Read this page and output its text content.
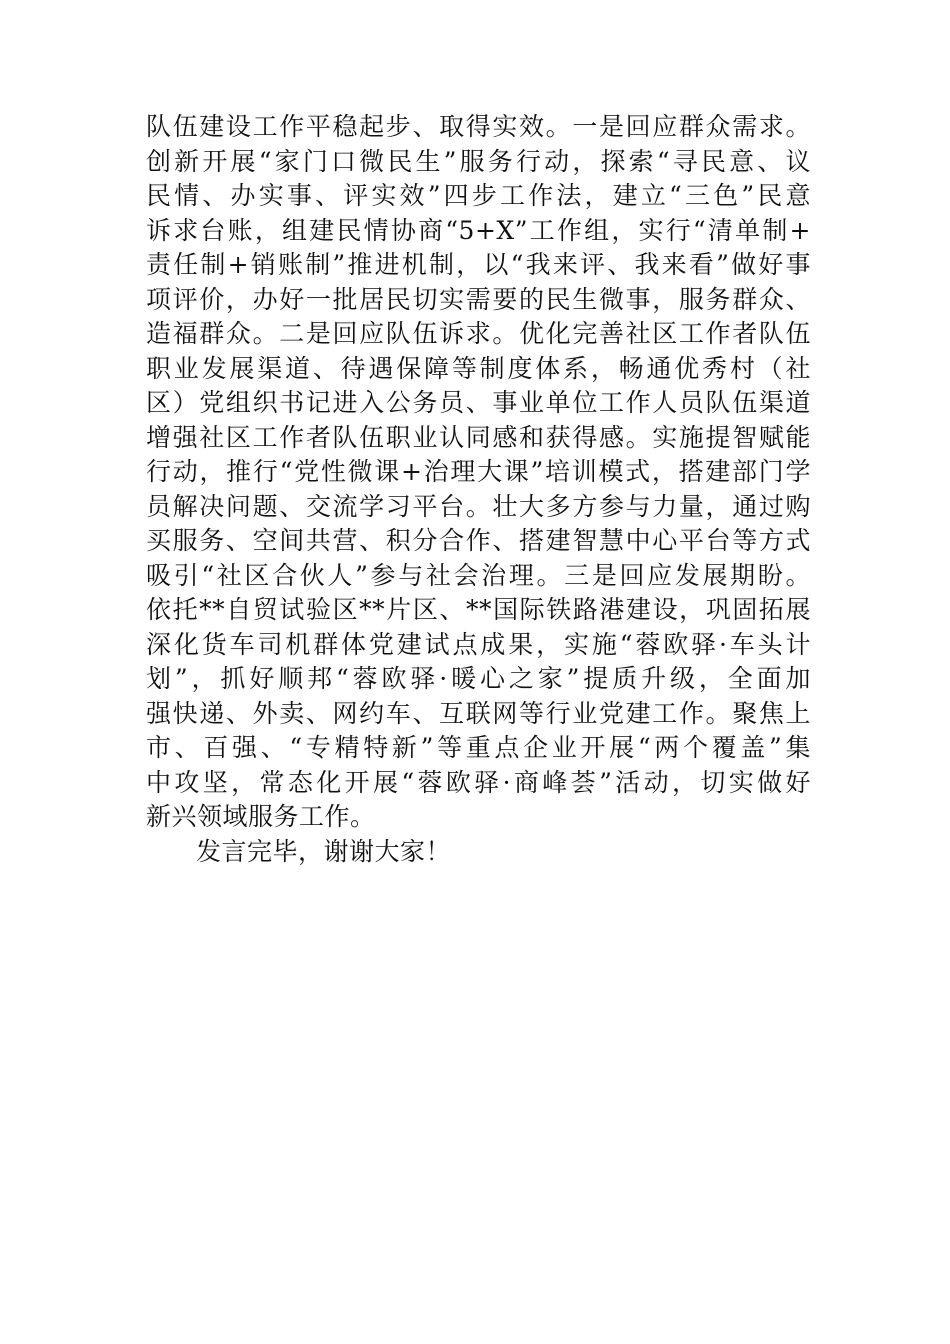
队伍建设工作平稳起步、取得实效。一是回应群众需求。
创新开展“家门口微民生”服务行动，探索“寻民意、议
民情、办实事、评实效”四步工作法，建立“三色”民意
诉求台账，组建民情协商“5+X”工作组，实行“清单制+
责任制+销账制”推进机制，以“我来评、我来看”做好事
项评价，办好一批居民切实需要的民生微事，服务群众、
造福群众。二是回应队伍诉求。优化完善社区工作者队伍
职业发展渠道、待遇保障等制度体系，畅通优秀村（社
区）党组织书记进入公务员、事业单位工作人员队伍渠道
增强社区工作者队伍职业认同感和获得感。实施提智赋能
行动，推行“党性微课+治理大课”培训模式，搭建部门学
员解决问题、交流学习平台。壮大多方参与力量，通过购
买服务、空间共营、积分合作、搭建智慧中心平台等方式
吸引“社区合伙人”参与社会治理。三是回应发展期盼。
依托**自贸试验区**片区、**国际铁路港建设，巩固拓展
深化货车司机群体党建试点成果，实施“蓉欧驿·车头计
划”，抓好顺邦“蓉欧驿·暖心之家”提质升级，全面加
强快递、外卖、网约车、互联网等行业党建工作。聚焦上
市、百强、“专精特新”等重点企业开展“两个覆盖”集
中攻坚，常态化开展“蓉欧驿·商峰荟”活动，切实做好
新兴领域服务工作。
发言完毕，谢谢大家！
